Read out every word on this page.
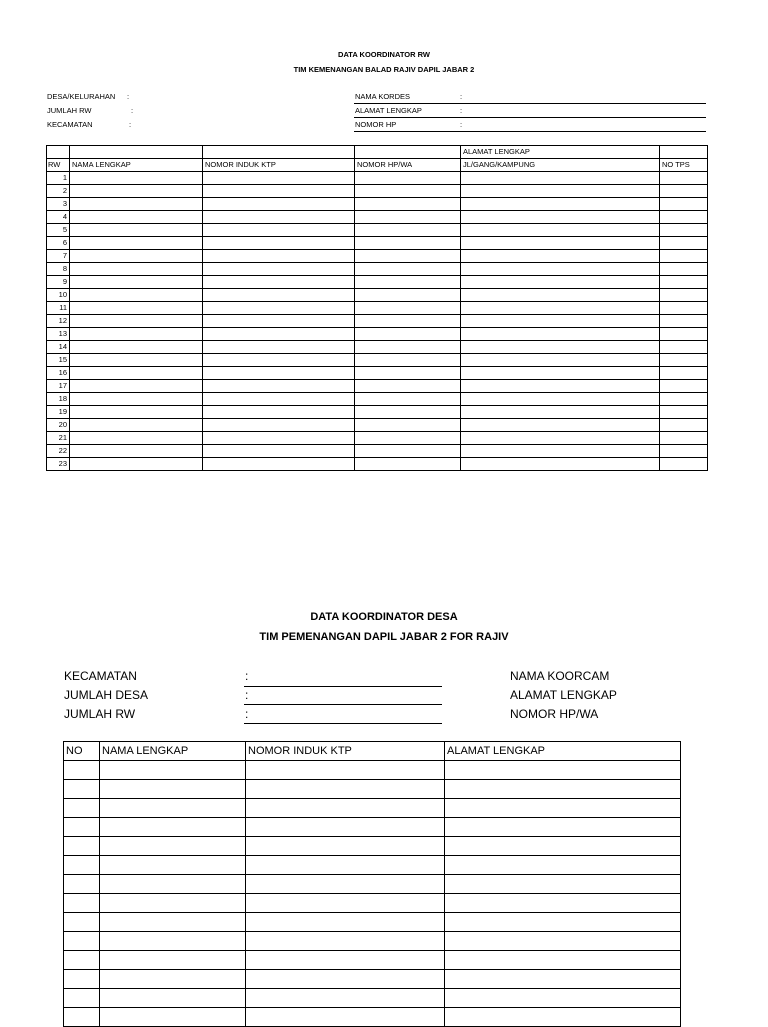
DATA KOORDINATOR RW
TIM KEMENANGAN BALAD RAJIV DAPIL JABAR 2
DESA/KELURAHAN :
JUMLAH RW	:
KECAMATAN	:
NAMA KORDES	:
ALAMAT LENGKAP	:
NOMOR HP	:
				ALAMAT LENGKAP	
RW	NAMA LENGKAP	NOMOR INDUK KTP	NOMOR HP/WA	JL/GANG/KAMPUNG	NO TPS
1					
2					
3					
4					
5					
6					
7					
8					
9					
10					
11					
12					
13					
14					
15					
16					
17					
18					
19					
20					
21					
22					
23					
DATA KOORDINATOR DESA
TIM PEMENANGAN DAPIL JABAR 2 FOR RAJIV
KECAMATAN	:
JUMLAH DESA	:
JUMLAH RW	:
NAMA KOORCAM
ALAMAT LENGKAP
NOMOR HP/WA
NO	NAMA LENGKAP	NOMOR INDUK KTP	ALAMAT LENGKAP
